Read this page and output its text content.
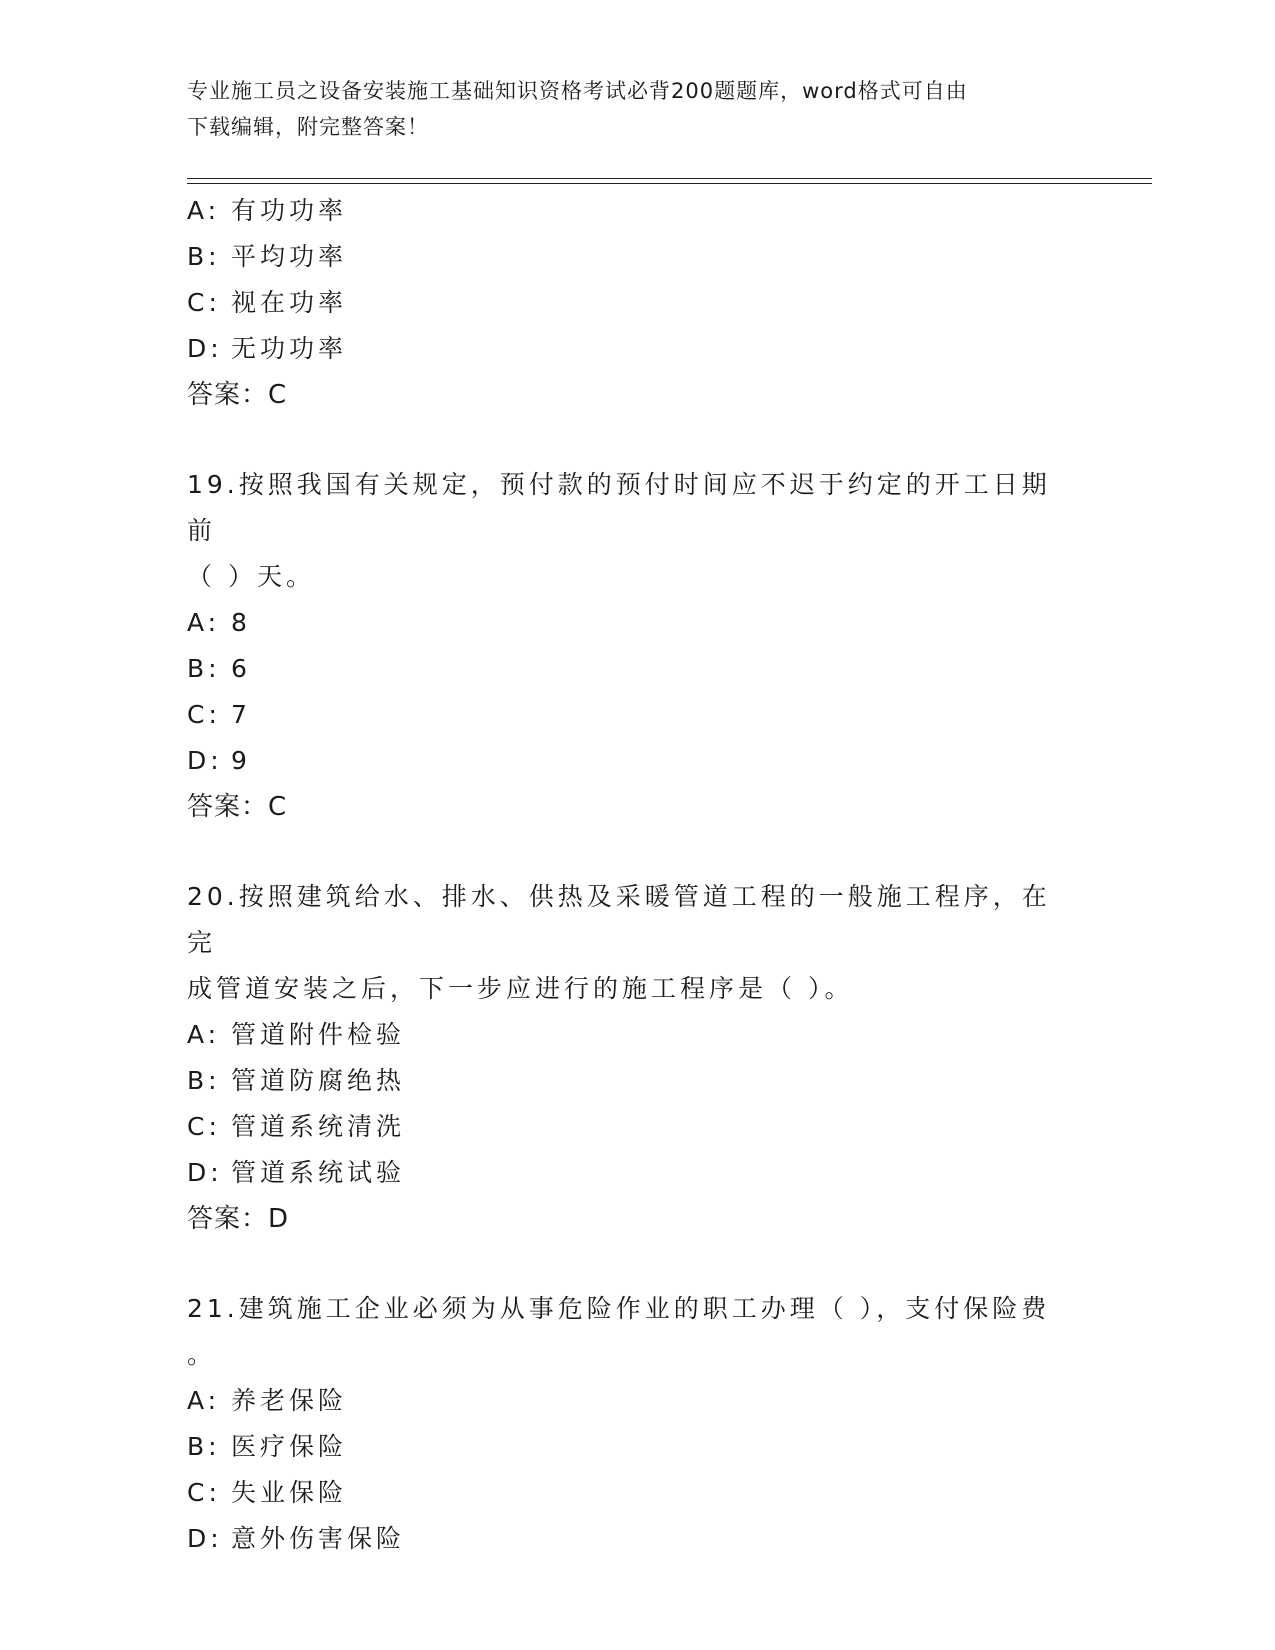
专业施工员之设备安装施工基础知识资格考试必背200题题库，word格式可自由
下载编辑，附完整答案！
A: 有功功率
B: 平均功率
C: 视在功率
D: 无功功率
答案：C
19.按照我国有关规定，预付款的预付时间应不迟于约定的开工日期前
（ ）天。
A: 8
B: 6
C: 7
D: 9
答案：C
20.按照建筑给水、排水、供热及采暖管道工程的一般施工程序，在完
成管道安装之后，下一步应进行的施工程序是（ ）。
A: 管道附件检验
B: 管道防腐绝热
C: 管道系统清洗
D: 管道系统试验
答案：D
21.建筑施工企业必须为从事危险作业的职工办理（ ），支付保险费
。
A: 养老保险
B: 医疗保险
C: 失业保险
D: 意外伤害保险
